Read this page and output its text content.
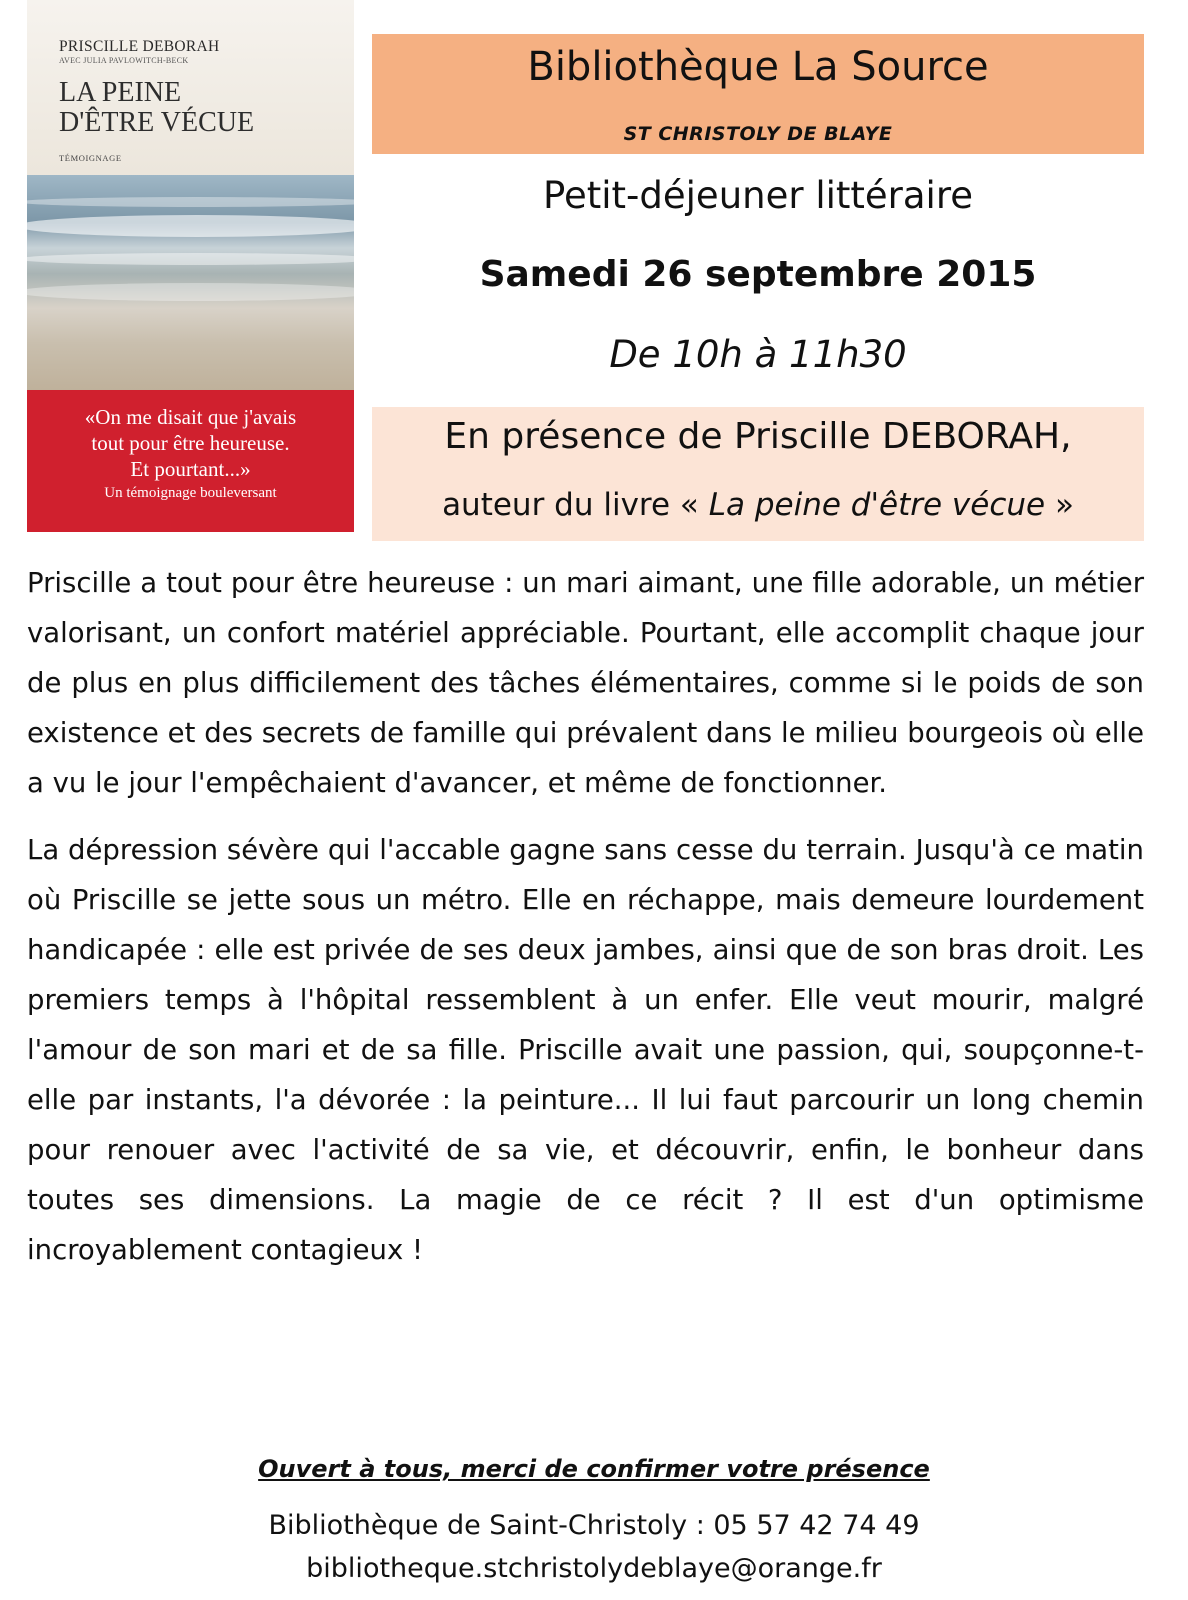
PRISCILLE DEBORAH
AVEC JULIA PAVLOWITCH-BECK
LA PEINE
D'ÊTRE VÉCUE
TÉMOIGNAGE
«On me disait que j'avais
tout pour être heureuse.
Et pourtant...»
Un témoignage bouleversant
Bibliothèque La Source
ST CHRISTOLY DE BLAYE
Petit-déjeuner littéraire
Samedi 26 septembre 2015
De 10h à 11h30
En présence de Priscille DEBORAH,
auteur du livre « La peine d'être vécue »

Priscille a tout pour être heureuse : un mari aimant, une fille adorable, un métier valorisant, un confort matériel appréciable. Pourtant, elle accomplit chaque jour de plus en plus difficilement des tâches élémentaires, comme si le poids de son existence et des secrets de famille qui prévalent dans le milieu bourgeois où elle a vu le jour l'empêchaient d'avancer, et même de fonctionner.

La dépression sévère qui l'accable gagne sans cesse du terrain. Jusqu'à ce matin où Priscille se jette sous un métro. Elle en réchappe, mais demeure lourdement handicapée : elle est privée de ses deux jambes, ainsi que de son bras droit. Les premiers temps à l'hôpital ressemblent à un enfer. Elle veut mourir, malgré l'amour de son mari et de sa fille. Priscille avait une passion, qui, soupçonne-t-elle par instants, l'a dévorée : la peinture... Il lui faut parcourir un long chemin pour renouer avec l'activité de sa vie, et découvrir, enfin, le bonheur dans toutes ses dimensions. La magie de ce récit ? Il est d'un optimisme incroyablement contagieux !

Ouvert à tous, merci de confirmer votre présence
Bibliothèque de Saint-Christoly : 05 57 42 74 49
bibliotheque.stchristolydeblaye@orange.fr
